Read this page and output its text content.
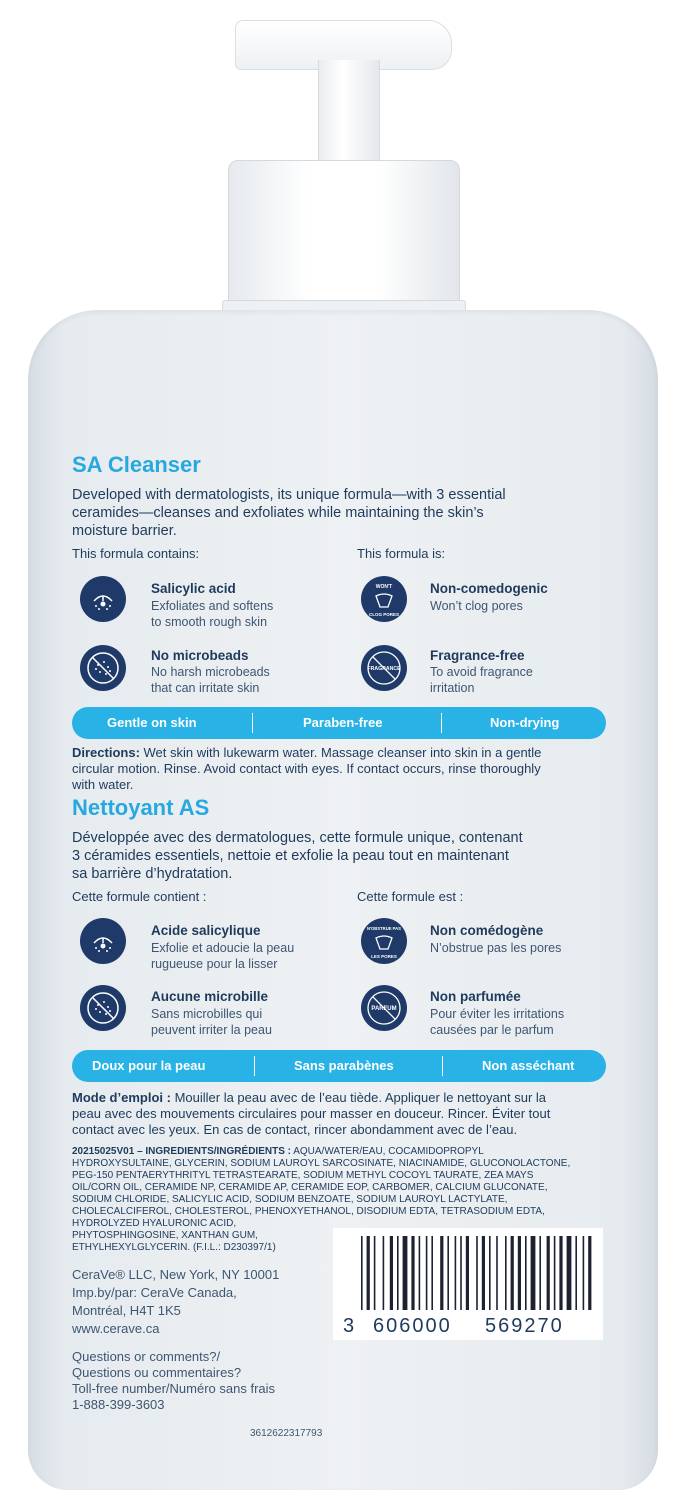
SA Cleanser
Developed with dermatologists, its unique formula—with 3 essential
ceramides—cleanses and exfoliates while maintaining the skin’s
moisture barrier.
This formula contains:	This formula is:
Salicylic acid
Exfoliates and softens
to smooth rough skin
No microbeads
No harsh microbeads
that can irritate skin
WON'T
CLOG PORES
Non-comedogenic
Won’t clog pores
FRAGRANCE
Fragrance-free
To avoid fragrance
irritation
Gentle on skin	Paraben-free	Non-drying
Directions: Wet skin with lukewarm water. Massage cleanser into skin in a gentle
circular motion. Rinse. Avoid contact with eyes. If contact occurs, rinse thoroughly
with water.
Nettoyant AS
Développée avec des dermatologues, cette formule unique, contenant
3 céramides essentiels, nettoie et exfolie la peau tout en maintenant
sa barrière d’hydratation.
Cette formule contient :	Cette formule est :
Acide salicylique
Exfolie et adoucie la peau
rugueuse pour la lisser
Aucune microbille
Sans microbilles qui
peuvent irriter la peau
N'OBSTRUE PAS
LES PORES
Non comédogène
N’obstrue pas les pores
PARFUM
Non parfumée
Pour éviter les irritations
causées par le parfum
Doux pour la peau	Sans parabènes	Non asséchant
Mode d’emploi : Mouiller la peau avec de l’eau tiède. Appliquer le nettoyant sur la
peau avec des mouvements circulaires pour masser en douceur. Rincer. Éviter tout
contact avec les yeux. En cas de contact, rincer abondamment avec de l’eau.
20215025V01 – INGREDIENTS/INGRÉDIENTS : AQUA/WATER/EAU, COCAMIDOPROPYL
HYDROXYSULTAINE, GLYCERIN, SODIUM LAUROYL SARCOSINATE, NIACINAMIDE, GLUCONOLACTONE,
PEG-150 PENTAERYTHRITYL TETRASTEARATE, SODIUM METHYL COCOYL TAURATE, ZEA MAYS
OIL/CORN OIL, CERAMIDE NP, CERAMIDE AP, CERAMIDE EOP, CARBOMER, CALCIUM GLUCONATE,
SODIUM CHLORIDE, SALICYLIC ACID, SODIUM BENZOATE, SODIUM LAUROYL LACTYLATE,
CHOLECALCIFEROL, CHOLESTEROL, PHENOXYETHANOL, DISODIUM EDTA, TETRASODIUM EDTA,
HYDROLYZED HYALURONIC ACID,
PHYTOSPHINGOSINE, XANTHAN GUM,
ETHYLHEXYLGLYCERIN. (F.I.L.: D230397/1)
CeraVe® LLC, New York, NY 10001
Imp.by/par: CeraVe Canada,
Montréal, H4T 1K5
www.cerave.ca
Questions or comments?/
Questions ou commentaires?
Toll-free number/Numéro sans frais
1-888-399-3603
3 606000 569270
3612622317793
